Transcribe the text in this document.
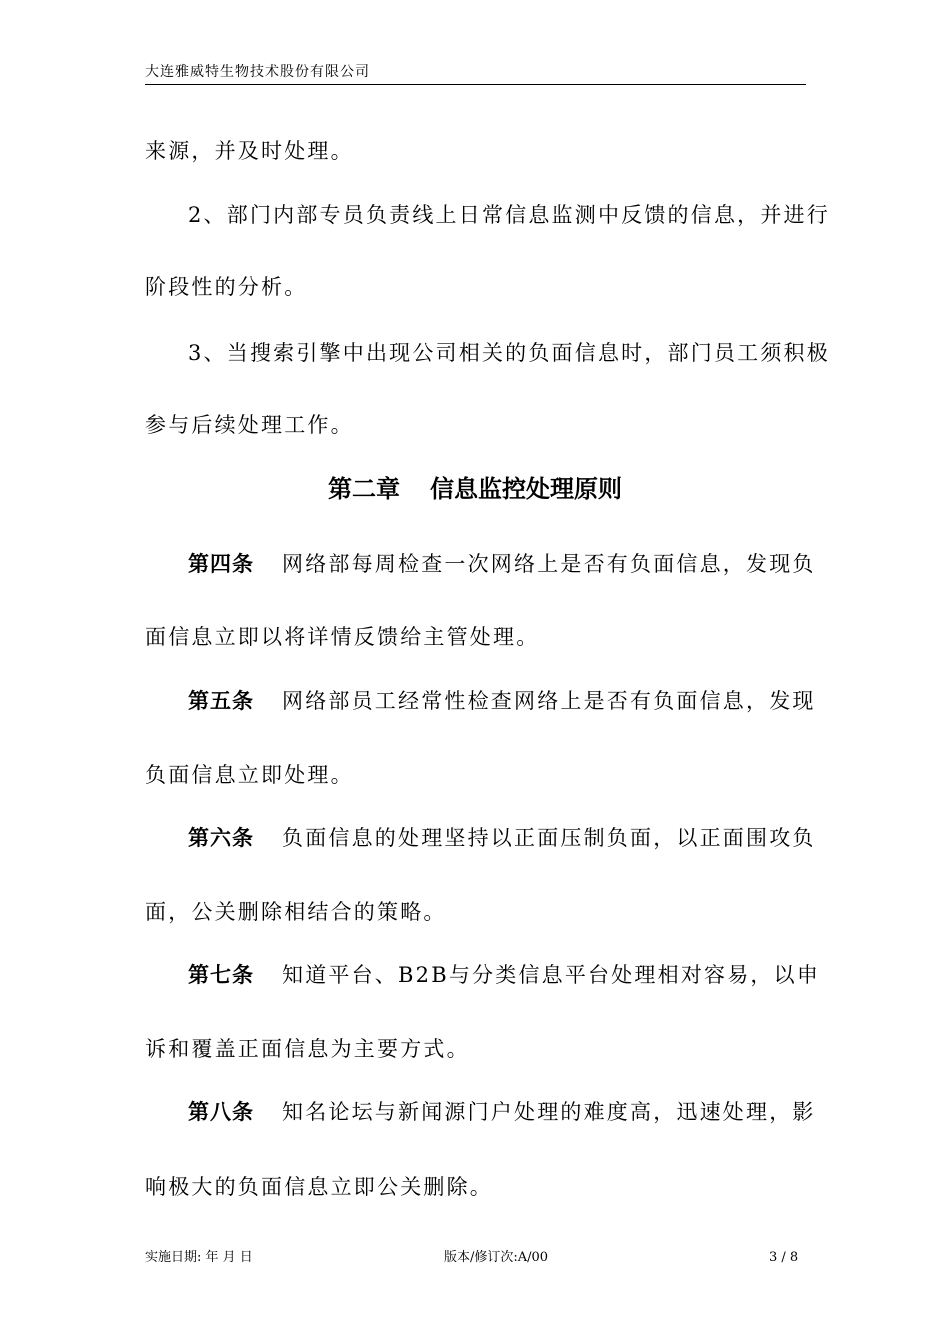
大连雅威特生物技术股份有限公司
来源，并及时处理。
2、部门内部专员负责线上日常信息监测中反馈的信息，并进行
阶段性的分析。
3、当搜索引擎中出现公司相关的负面信息时，部门员工须积极
参与后续处理工作。
第二章 信息监控处理原则
第四条 网络部每周检查一次网络上是否有负面信息，发现负
面信息立即以将详情反馈给主管处理。
第五条 网络部员工经常性检查网络上是否有负面信息，发现
负面信息立即处理。
第六条 负面信息的处理坚持以正面压制负面，以正面围攻负
面，公关删除相结合的策略。
第七条 知道平台、B2B与分类信息平台处理相对容易，以申
诉和覆盖正面信息为主要方式。
第八条 知名论坛与新闻源门户处理的难度高，迅速处理，影
响极大的负面信息立即公关删除。
实施日期: 年 月 日	版本/修订次:A/00	3 / 8
